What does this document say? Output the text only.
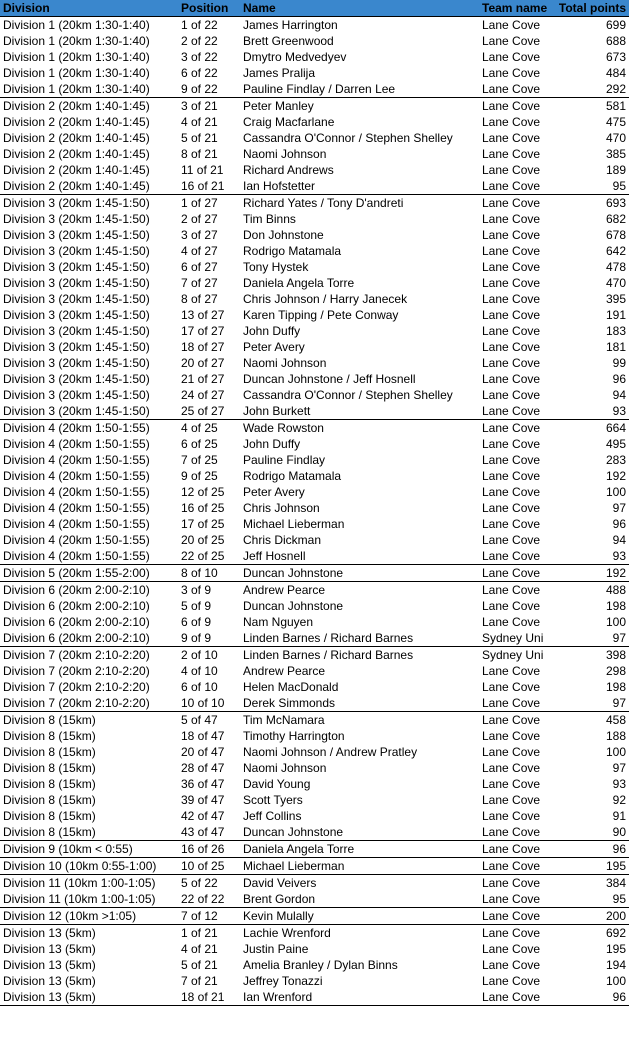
Division	Position	Name	Team name	Total points
Division 1 (20km 1:30-1:40)	1 of 22	James Harrington	Lane Cove	699
Division 1 (20km 1:30-1:40)	2 of 22	Brett Greenwood	Lane Cove	688
Division 1 (20km 1:30-1:40)	3 of 22	Dmytro Medvedyev	Lane Cove	673
Division 1 (20km 1:30-1:40)	6 of 22	James Pralija	Lane Cove	484
Division 1 (20km 1:30-1:40)	9 of 22	Pauline Findlay / Darren Lee	Lane Cove	292
Division 2 (20km 1:40-1:45)	3 of 21	Peter Manley	Lane Cove	581
Division 2 (20km 1:40-1:45)	4 of 21	Craig Macfarlane	Lane Cove	475
Division 2 (20km 1:40-1:45)	5 of 21	Cassandra O'Connor / Stephen Shelley	Lane Cove	470
Division 2 (20km 1:40-1:45)	8 of 21	Naomi Johnson	Lane Cove	385
Division 2 (20km 1:40-1:45)	11 of 21	Richard Andrews	Lane Cove	189
Division 2 (20km 1:40-1:45)	16 of 21	Ian Hofstetter	Lane Cove	95
Division 3 (20km 1:45-1:50)	1 of 27	Richard Yates / Tony D'andreti	Lane Cove	693
Division 3 (20km 1:45-1:50)	2 of 27	Tim Binns	Lane Cove	682
Division 3 (20km 1:45-1:50)	3 of 27	Don Johnstone	Lane Cove	678
Division 3 (20km 1:45-1:50)	4 of 27	Rodrigo Matamala	Lane Cove	642
Division 3 (20km 1:45-1:50)	6 of 27	Tony Hystek	Lane Cove	478
Division 3 (20km 1:45-1:50)	7 of 27	Daniela Angela Torre	Lane Cove	470
Division 3 (20km 1:45-1:50)	8 of 27	Chris Johnson / Harry Janecek	Lane Cove	395
Division 3 (20km 1:45-1:50)	13 of 27	Karen Tipping / Pete Conway	Lane Cove	191
Division 3 (20km 1:45-1:50)	17 of 27	John Duffy	Lane Cove	183
Division 3 (20km 1:45-1:50)	18 of 27	Peter Avery	Lane Cove	181
Division 3 (20km 1:45-1:50)	20 of 27	Naomi Johnson	Lane Cove	99
Division 3 (20km 1:45-1:50)	21 of 27	Duncan Johnstone / Jeff Hosnell	Lane Cove	96
Division 3 (20km 1:45-1:50)	24 of 27	Cassandra O'Connor / Stephen Shelley	Lane Cove	94
Division 3 (20km 1:45-1:50)	25 of 27	John Burkett	Lane Cove	93
Division 4 (20km 1:50-1:55)	4 of 25	Wade Rowston	Lane Cove	664
Division 4 (20km 1:50-1:55)	6 of 25	John Duffy	Lane Cove	495
Division 4 (20km 1:50-1:55)	7 of 25	Pauline Findlay	Lane Cove	283
Division 4 (20km 1:50-1:55)	9 of 25	Rodrigo Matamala	Lane Cove	192
Division 4 (20km 1:50-1:55)	12 of 25	Peter Avery	Lane Cove	100
Division 4 (20km 1:50-1:55)	16 of 25	Chris Johnson	Lane Cove	97
Division 4 (20km 1:50-1:55)	17 of 25	Michael Lieberman	Lane Cove	96
Division 4 (20km 1:50-1:55)	20 of 25	Chris Dickman	Lane Cove	94
Division 4 (20km 1:50-1:55)	22 of 25	Jeff Hosnell	Lane Cove	93
Division 5 (20km 1:55-2:00)	8 of 10	Duncan Johnstone	Lane Cove	192
Division 6 (20km 2:00-2:10)	3 of 9	Andrew Pearce	Lane Cove	488
Division 6 (20km 2:00-2:10)	5 of 9	Duncan Johnstone	Lane Cove	198
Division 6 (20km 2:00-2:10)	6 of 9	Nam Nguyen	Lane Cove	100
Division 6 (20km 2:00-2:10)	9 of 9	Linden Barnes / Richard Barnes	Sydney Uni	97
Division 7 (20km 2:10-2:20)	2 of 10	Linden Barnes / Richard Barnes	Sydney Uni	398
Division 7 (20km 2:10-2:20)	4 of 10	Andrew Pearce	Lane Cove	298
Division 7 (20km 2:10-2:20)	6 of 10	Helen MacDonald	Lane Cove	198
Division 7 (20km 2:10-2:20)	10 of 10	Derek Simmonds	Lane Cove	97
Division 8 (15km)	5 of 47	Tim McNamara	Lane Cove	458
Division 8 (15km)	18 of 47	Timothy Harrington	Lane Cove	188
Division 8 (15km)	20 of 47	Naomi Johnson / Andrew Pratley	Lane Cove	100
Division 8 (15km)	28 of 47	Naomi Johnson	Lane Cove	97
Division 8 (15km)	36 of 47	David Young	Lane Cove	93
Division 8 (15km)	39 of 47	Scott Tyers	Lane Cove	92
Division 8 (15km)	42 of 47	Jeff Collins	Lane Cove	91
Division 8 (15km)	43 of 47	Duncan Johnstone	Lane Cove	90
Division 9 (10km < 0:55)	16 of 26	Daniela Angela Torre	Lane Cove	96
Division 10 (10km 0:55-1:00)	10 of 25	Michael Lieberman	Lane Cove	195
Division 11 (10km 1:00-1:05)	5 of 22	David Veivers	Lane Cove	384
Division 11 (10km 1:00-1:05)	22 of 22	Brent Gordon	Lane Cove	95
Division 12 (10km >1:05)	7 of 12	Kevin Mulally	Lane Cove	200
Division 13 (5km)	1 of 21	Lachie Wrenford	Lane Cove	692
Division 13 (5km)	4 of 21	Justin Paine	Lane Cove	195
Division 13 (5km)	5 of 21	Amelia Branley / Dylan Binns	Lane Cove	194
Division 13 (5km)	7 of 21	Jeffrey Tonazzi	Lane Cove	100
Division 13 (5km)	18 of 21	Ian Wrenford	Lane Cove	96
